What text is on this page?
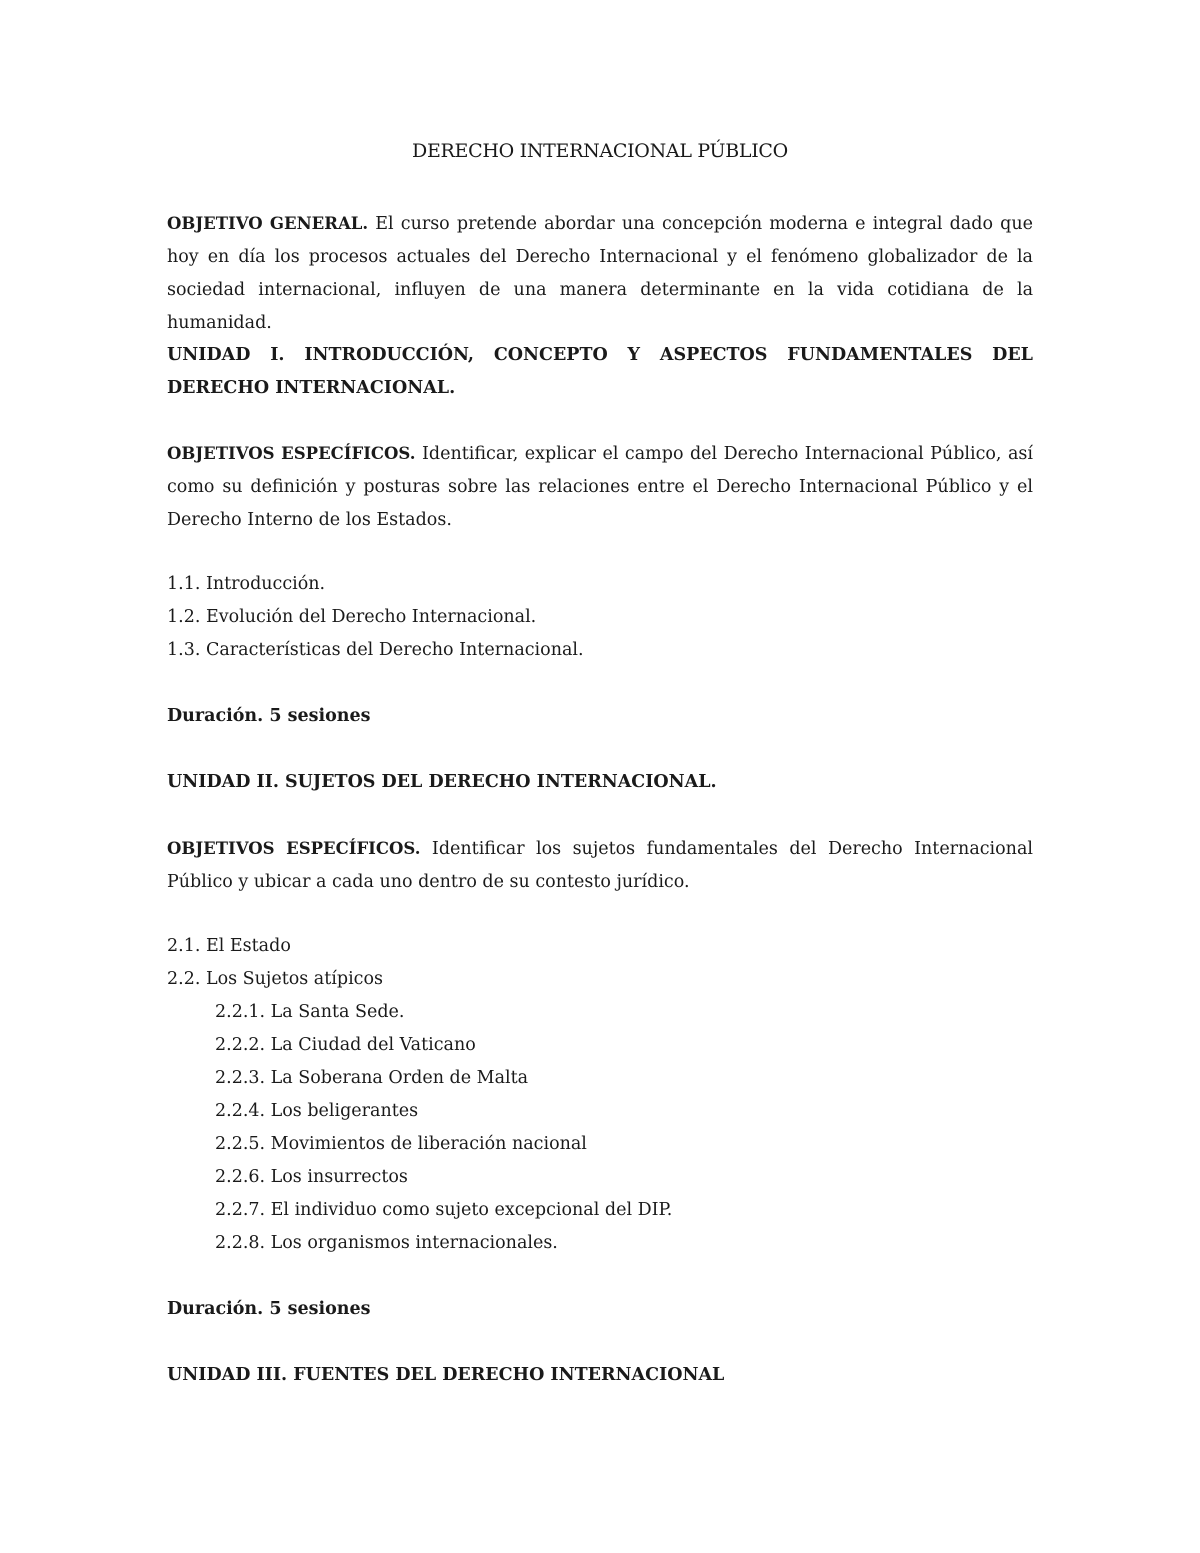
DERECHO INTERNACIONAL PÚBLICO

OBJETIVO GENERAL. El curso pretende abordar una concepción moderna e integral dado que hoy en día los procesos actuales del Derecho Internacional y el fenómeno globalizador de la sociedad internacional, influyen de una manera determinante en la vida cotidiana de la humanidad.

UNIDAD I. INTRODUCCIÓN, CONCEPTO Y ASPECTOS FUNDAMENTALES DEL DERECHO INTERNACIONAL.

OBJETIVOS ESPECÍFICOS. Identificar, explicar el campo del Derecho Internacional Público, así como su definición y posturas sobre las relaciones entre el Derecho Internacional Público y el Derecho Interno de los Estados.

1.1. Introducción.

1.2. Evolución del Derecho Internacional.

1.3. Características del Derecho Internacional.

Duración. 5 sesiones

UNIDAD II. SUJETOS DEL DERECHO INTERNACIONAL.

OBJETIVOS ESPECÍFICOS. Identificar los sujetos fundamentales del Derecho Internacional Público y ubicar a cada uno dentro de su contesto jurídico.

2.1. El Estado

2.2. Los Sujetos atípicos

2.2.1. La Santa Sede.

2.2.2. La Ciudad del Vaticano

2.2.3. La Soberana Orden de Malta

2.2.4. Los beligerantes

2.2.5. Movimientos de liberación nacional

2.2.6. Los insurrectos

2.2.7. El individuo como sujeto excepcional del DIP.

2.2.8. Los organismos internacionales.

Duración. 5 sesiones

UNIDAD III. FUENTES DEL DERECHO INTERNACIONAL
